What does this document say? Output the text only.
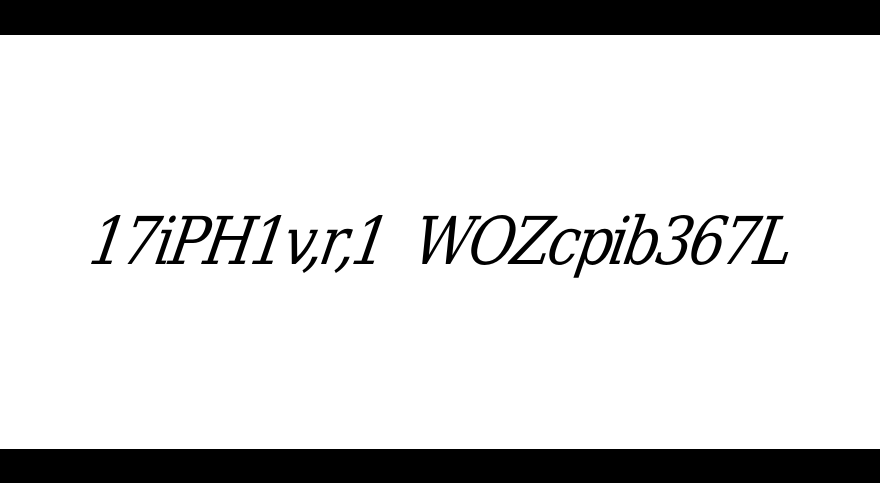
17iPH1v,r,1  WOZcpib367L
